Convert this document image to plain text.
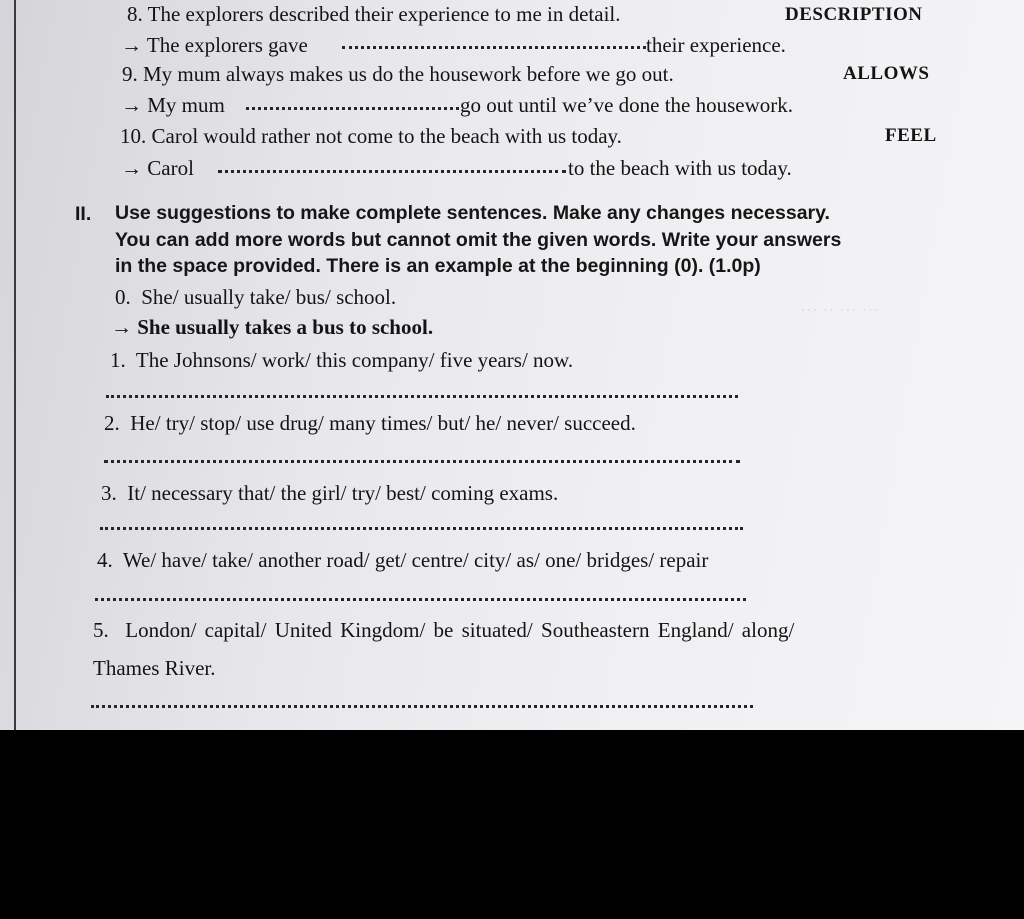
··· ··· ·· ···
8. The explorers described their experience to me in detail.	DESCRIPTION
→ The explorers gave	their experience.
9. My mum always makes us do the housework before we go out.	ALLOWS
→ My mum	go out until we’ve done the housework.
10. Carol would rather not come to the beach with us today.	FEEL
→ Carol	to the beach with us today.
II. Use suggestions to make complete sentences. Make any changes necessary.
You can add more words but cannot omit the given words. Write your answers
in the space provided. There is an example at the beginning (0). (1.0p)
0. She/ usually take/ bus/ school.
→ She usually takes a bus to school.
1. The Johnsons/ work/ this company/ five years/ now.
2. He/ try/ stop/ use drug/ many times/ but/ he/ never/ succeed.
3. It/ necessary that/ the girl/ try/ best/ coming exams.
4. We/ have/ take/ another road/ get/ centre/ city/ as/ one/ bridges/ repair
5. London/ capital/ United Kingdom/ be situated/ Southeastern England/ along/
Thames River.
